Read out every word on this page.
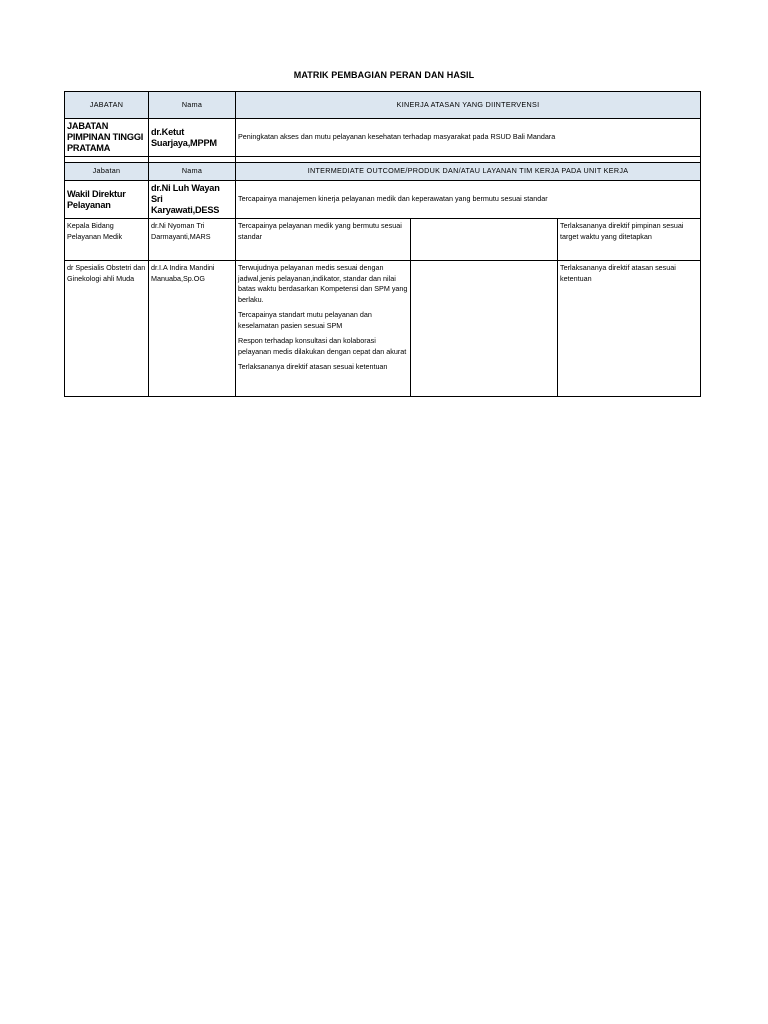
MATRIK PEMBAGIAN PERAN DAN HASIL
JABATAN	Nama	KINERJA ATASAN YANG DIINTERVENSI		
JABATAN PIMPINAN TINGGI PRATAMA	dr.Ketut Suarjaya,MPPM	Peningkatan akses dan mutu pelayanan kesehatan terhadap masyarakat pada RSUD Bali Mandara		

Jabatan	Nama	INTERMEDIATE OUTCOME/PRODUK DAN/ATAU LAYANAN TIM KERJA PADA UNIT KERJA		
Wakil Direktur Pelayanan	dr.Ni Luh Wayan Sri Karyawati,DESS	Tercapainya manajemen kinerja pelayanan medik dan keperawatan yang bermutu sesuai standar		
Kepala Bidang Pelayanan Medik	dr.Ni Nyoman Tri Darmayanti,MARS	Tercapainya pelayanan medik yang bermutu sesuai standar		Terlaksananya direktif pimpinan sesuai target waktu yang ditetapkan
dr Spesialis Obstetri dan Ginekologi ahli Muda	dr.I.A Indira Mandini Manuaba,Sp.OG	Terwujudnya pelayanan medis sesuai dengan jadwal,jenis pelayanan,indikator, standar dan nilai batas waktu berdasarkan Kompetensi dan SPM yang berlaku.
Tercapainya standart mutu pelayanan dan keselamatan pasien sesuai SPM
Respon terhadap konsultasi dan kolaborasi pelayanan medis dilakukan dengan cepat dan akurat
Terlaksananya direktif atasan sesuai ketentuan		Terlaksananya direktif atasan sesuai ketentuan
